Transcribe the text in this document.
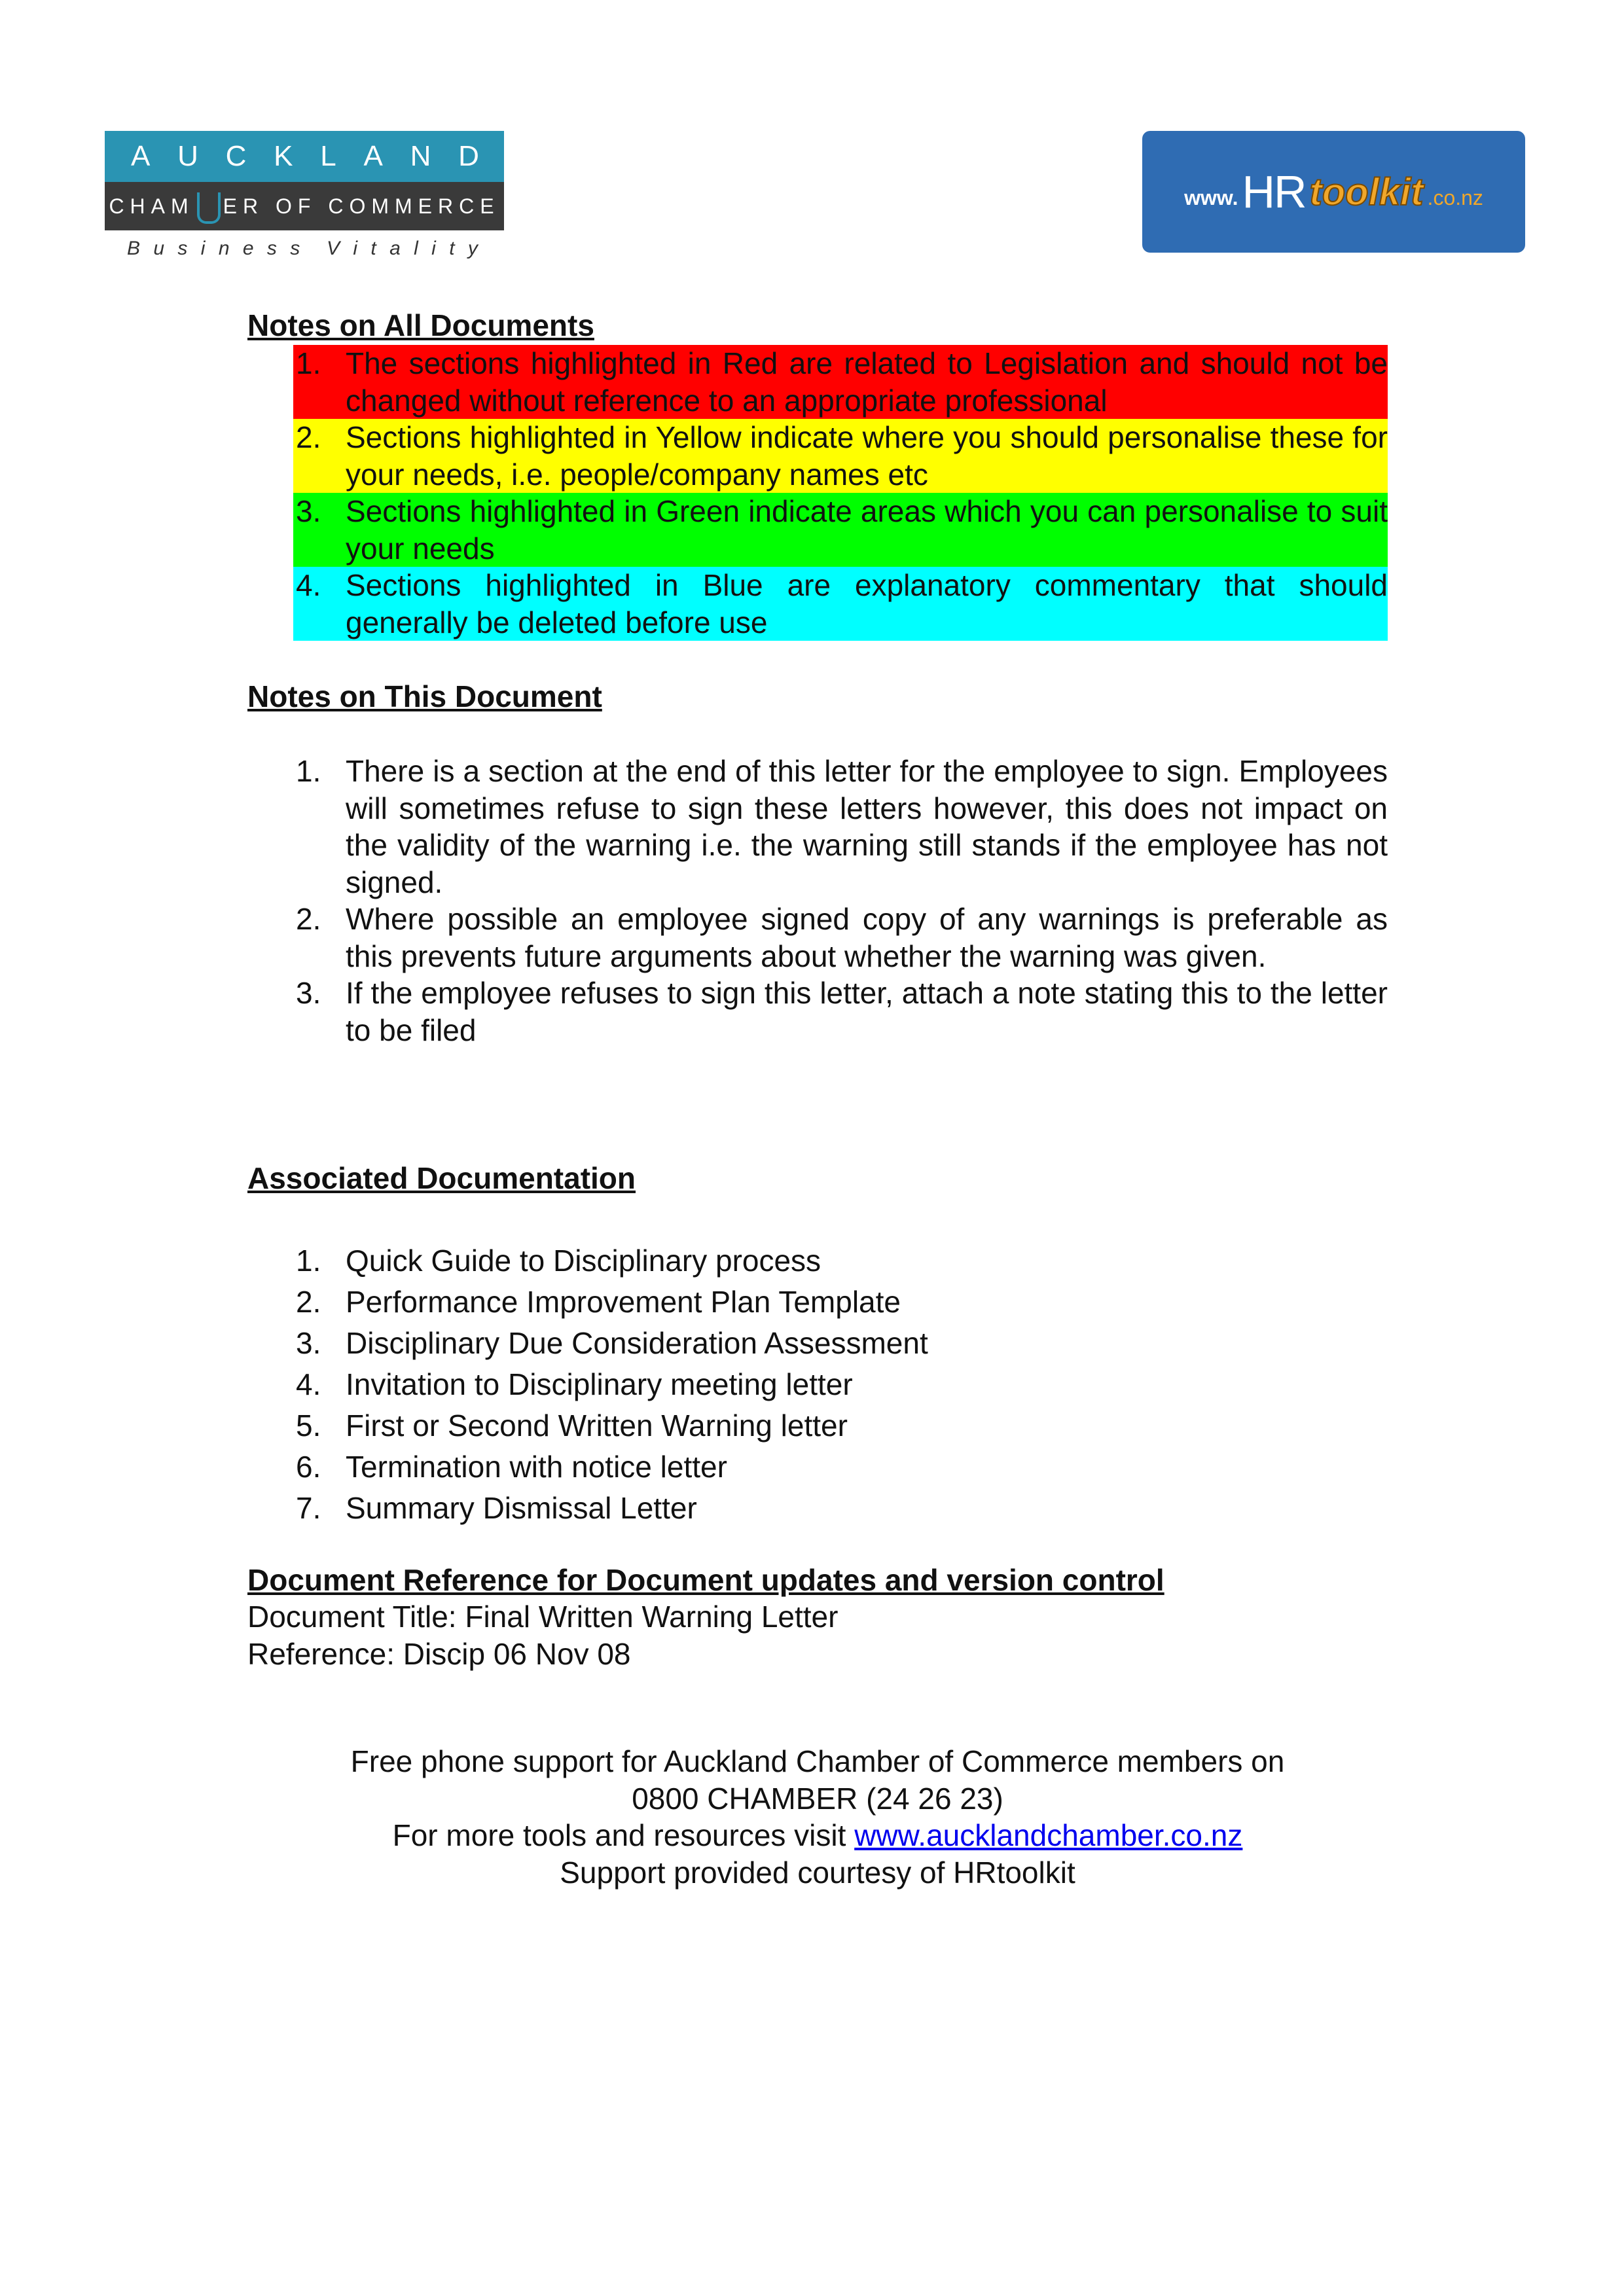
A U C K L A N D
CHAM ER OF COMMERCE
B u s i n e s s V i t a l i t y
www. HR toolkit .co.nz
Notes on All Documents
1. The sections highlighted in Red are related to Legislation and should not be changed without reference to an appropriate professional
2. Sections highlighted in Yellow indicate where you should personalise these for your needs, i.e. people/company names etc
3. Sections highlighted in Green indicate areas which you can personalise to suit your needs
4. Sections highlighted in Blue are explanatory commentary that should generally be deleted before use
Notes on This Document
1. There is a section at the end of this letter for the employee to sign. Employees will sometimes refuse to sign these letters however, this does not impact on the validity of the warning i.e. the warning still stands if the employee has not signed.
2. Where possible an employee signed copy of any warnings is preferable as this prevents future arguments about whether the warning was given.
3. If the employee refuses to sign this letter, attach a note stating this to the letter to be filed
Associated Documentation
1. Quick Guide to Disciplinary process
2. Performance Improvement Plan Template
3. Disciplinary Due Consideration Assessment
4. Invitation to Disciplinary meeting letter
5. First or Second Written Warning letter
6. Termination with notice letter
7. Summary Dismissal Letter
Document Reference for Document updates and version control
Document Title: Final Written Warning Letter
Reference: Discip 06 Nov 08
Free phone support for Auckland Chamber of Commerce members on
0800 CHAMBER (24 26 23)
For more tools and resources visit www.aucklandchamber.co.nz
Support provided courtesy of HRtoolkit
